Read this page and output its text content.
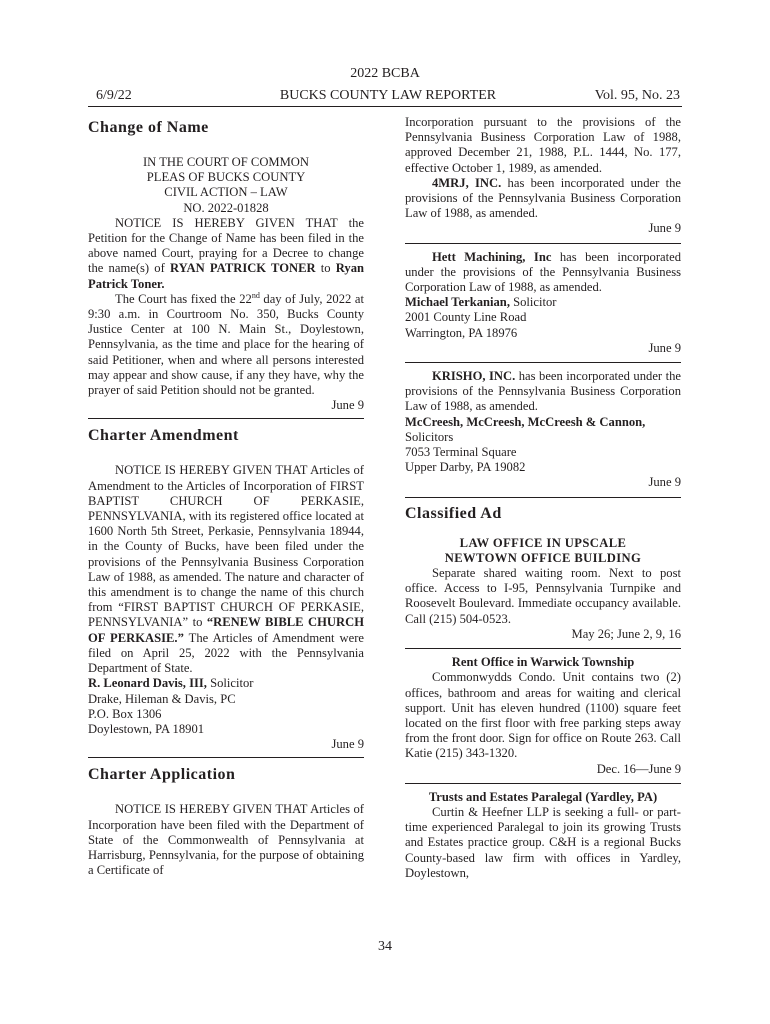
2022 BCBA
6/9/22	BUCKS COUNTY LAW REPORTER	Vol. 95, No. 23
Change of Name
IN THE COURT OF COMMON
PLEAS OF BUCKS COUNTY
CIVIL ACTION – LAW
NO. 2022-01828

NOTICE IS HEREBY GIVEN THAT the Petition for the Change of Name has been filed in the above named Court, praying for a Decree to change the name(s) of RYAN PATRICK TONER to Ryan Patrick Toner.

The Court has fixed the 22nd day of July, 2022 at 9:30 a.m. in Courtroom No. 350, Bucks County Justice Center at 100 N. Main St., Doylestown, Pennsylvania, as the time and place for the hearing of said Petitioner, when and where all persons interested may appear and show cause, if any they have, why the prayer of said Petition should not be granted.

June 9
Charter Amendment

NOTICE IS HEREBY GIVEN THAT Articles of Amendment to the Articles of Incorporation of FIRST BAPTIST CHURCH OF PERKASIE, PENNSYLVANIA, with its registered office located at 1600 North 5th Street, Perkasie, Pennsylvania 18944, in the County of Bucks, have been filed under the provisions of the Pennsylvania Business Corporation Law of 1988, as amended. The nature and character of this amendment is to change the name of this church from “FIRST BAPTIST CHURCH OF PERKASIE, PENNSYLVANIA” to “RENEW BIBLE CHURCH OF PERKASIE.” The Articles of Amendment were filed on April 25, 2022 with the Pennsylvania Department of State.

R. Leonard Davis, III, Solicitor
Drake, Hileman & Davis, PC
P.O. Box 1306
Doylestown, PA 18901
June 9
Charter Application

NOTICE IS HEREBY GIVEN THAT Articles of Incorporation have been filed with the Department of State of the Commonwealth of Pennsylvania at Harrisburg, Pennsylvania, for the purpose of obtaining a Certificate of

Incorporation pursuant to the provisions of the Pennsylvania Business Corporation Law of 1988, approved December 21, 1988, P.L. 1444, No. 177, effective October 1, 1989, as amended.

4MRJ, INC. has been incorporated under the provisions of the Pennsylvania Business Corporation Law of 1988, as amended.

June 9

Hett Machining, Inc has been incorporated under the provisions of the Pennsylvania Business Corporation Law of 1988, as amended.

Michael Terkanian, Solicitor
2001 County Line Road
Warrington, PA 18976
June 9

KRISHO, INC. has been incorporated under the provisions of the Pennsylvania Business Corporation Law of 1988, as amended.

McCreesh, McCreesh, McCreesh & Cannon, Solicitors
7053 Terminal Square
Upper Darby, PA 19082
June 9
Classified Ad
LAW OFFICE IN UPSCALE
NEWTOWN OFFICE BUILDING

Separate shared waiting room. Next to post office. Access to I-95, Pennsylvania Turnpike and Roosevelt Boulevard. Immediate occupancy available. Call (215) 504-0523.

May 26; June 2, 9, 16
Rent Office in Warwick Township

Commonwydds Condo. Unit contains two (2) offices, bathroom and areas for waiting and clerical support. Unit has eleven hundred (1100) square feet located on the first floor with free parking steps away from the front door. Sign for office on Route 263. Call Katie (215) 343-1320.

Dec. 16—June 9
Trusts and Estates Paralegal (Yardley, PA)

Curtin & Heefner LLP is seeking a full- or part-time experienced Paralegal to join its growing Trusts and Estates practice group. C&H is a regional Bucks County-based law firm with offices in Yardley, Doylestown,

34
